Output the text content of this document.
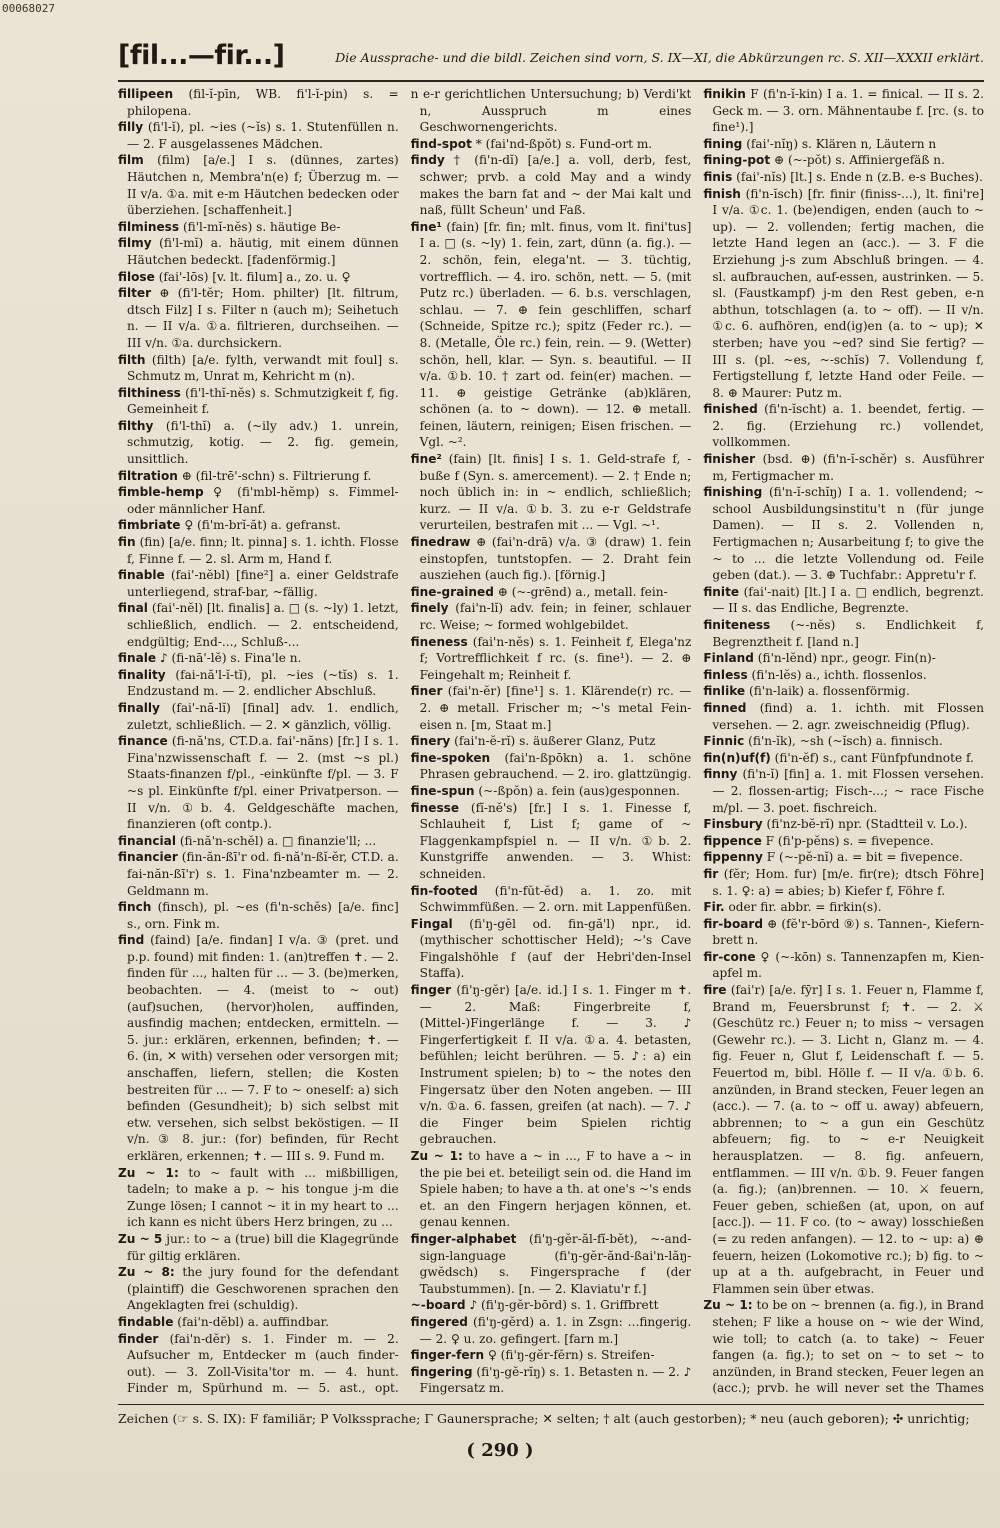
00068027
[fil...—fir...]	Die Aussprache- und die bildl. Zeichen sind vorn, S. IX—XI, die Abkürzungen rc. S. XII—XXXII erklärt.

fillipeen (fil-ĭ-pīn, WB. fi'l-ĭ-pin) s. = philopena.

filly (fi'l-ĭ), pl. ~ies (~ĭs) s. 1. Stutenfüllen n. — 2. F ausgelassenes Mädchen.

film (film) [a/e.] I s. (dünnes, zartes) Häutchen n, Membra'n(e) f; Überzug m. — II v/a. ①a. mit e-m Häutchen bedecken oder überziehen. [schaffenheit.]

filminess (fi'l-mĭ-nĕs) s. häutige Be-

filmy (fi'l-mĭ) a. häutig, mit einem dünnen Häutchen bedeckt. [fadenförmig.]

filose (fai'-lōs) [v. lt. filum] a., zo. u. ♀

filter ⊕ (fi'l-tĕr; Hom. philter) [lt. filtrum, dtsch Filz] I s. Filter n (auch m); Seihetuch n. — II v/a. ①a. filtrieren, durchseihen. — III v/n. ①a. durchsickern.

filth (filth) [a/e. fylth, verwandt mit foul] s. Schmutz m, Unrat m, Kehricht m (n).

filthiness (fi'l-thĭ-nĕs) s. Schmutzigkeit f, fig. Gemeinheit f.

filthy (fi'l-thĭ) a. (~ily adv.) 1. unrein, schmutzig, kotig. — 2. fig. gemein, unsittlich.

filtration ⊕ (fil-trē'-schn) s. Filtrierung f.

fimble-hemp ♀ (fi'mbl-hĕmp) s. Fimmel- oder männlicher Hanf.

fimbriate ♀ (fi'm-brĭ-ăt) a. gefranst.

fin (fin) [a/e. finn; lt. pinna] s. 1. ichth. Flosse f, Finne f. — 2. sl. Arm m, Hand f.

finable (fai'-nĕbl) [fine²] a. einer Geldstrafe unterliegend, straf-bar, ~fällig.

final (fai'-nĕl) [lt. finalis] a. □ (s. ~ly) 1. letzt, schließlich, endlich. — 2. entscheidend, endgültig; End-..., Schluß-...

finale ♪ (fi-nā'-lĕ) s. Fina'le n.

finality (fai-nă'l-ĭ-tĭ), pl. ~ies (~tĭs) s. 1. Endzustand m. — 2. endlicher Abschluß.

finally (fai'-nă-lĭ) [final] adv. 1. endlich, zuletzt, schließlich. — 2. ✕ gänzlich, völlig.

finance (fi-nă'ns, CT.D.a. fai'-năns) [fr.] I s. 1. Fina'nzwissenschaft f. — 2. (mst ~s pl.) Staats-finanzen f/pl., -einkünfte f/pl. — 3. F ~s pl. Einkünfte f/pl. einer Privatperson. — II v/n. ①b. 4. Geldgeschäfte machen, finanzieren (oft contp.).

financial (fi-nă'n-schĕl) a. □ finanzie'll; ...

financier (fin-ăn-ßī'r od. fi-nă'n-ßĭ-ĕr, CT.D. a. fai-năn-ßī'r) s. 1. Fina'nzbeamter m. — 2. Geldmann m.

finch (finsch), pl. ~es (fi'n-schĕs) [a/e. finc] s., orn. Fink m.

find (faind) [a/e. findan] I v/a. ③ (pret. und p.p. found) mit finden: 1. (an)treffen ✝. — 2. finden für ..., halten für ... — 3. (be)merken, beobachten. — 4. (meist to ~ out) (auf)suchen, (hervor)holen, auffinden, ausfindig machen; entdecken, ermitteln. — 5. jur.: erklären, erkennen, befinden; ✝. — 6. (in, ✕ with) versehen oder versorgen mit; anschaffen, liefern, stellen; die Kosten bestreiten für ... — 7. F to ~ oneself: a) sich befinden (Gesundheit); b) sich selbst mit etw. versehen, sich selbst beköstigen. — II v/n. ③ 8. jur.: (for) befinden, für Recht erklären, erkennen; ✝. — III s. 9. Fund m.

Zu ~ 1: to ~ fault with ... mißbilligen, tadeln; to make a p. ~ his tongue j-m die Zunge lösen; I cannot ~ it in my heart to ... ich kann es nicht übers Herz bringen, zu ...

Zu ~ 5 jur.: to ~ a (true) bill die Klagegründe für giltig erklären.

Zu ~ 8: the jury found for the defendant (plaintiff) die Geschworenen sprachen den Angeklagten frei (schuldig).

findable (fai'n-dĕbl) a. auffindbar.

finder (fai'n-dĕr) s. 1. Finder m. — 2. Aufsucher m, Entdecker m (auch finder-out). — 3. Zoll-Visita'tor m. — 4. hunt. Finder m, Spürhund m. — 5. ast., opt.

n e-r gerichtlichen Untersuchung; b) Verdi'kt n, Ausspruch m eines Geschwornengerichts.

find-spot * (fai'nd-ßpŏt) s. Fund-ort m.

findy † (fi'n-dĭ) [a/e.] a. voll, derb, fest, schwer; prvb. a cold May and a windy makes the barn fat and ~ der Mai kalt und naß, füllt Scheun' und Faß.

fine¹ (fain) [fr. fin; mlt. finus, vom lt. fini'tus] I a. □ (s. ~ly) 1. fein, zart, dünn (a. fig.). — 2. schön, fein, elega'nt. — 3. tüchtig, vortrefflich. — 4. iro. schön, nett. — 5. (mit Putz rc.) überladen. — 6. b.s. verschlagen, schlau. — 7. ⊕ fein geschliffen, scharf (Schneide, Spitze rc.); spitz (Feder rc.). — 8. (Metalle, Öle rc.) fein, rein. — 9. (Wetter) schön, hell, klar. — Syn. s. beautiful. — II v/a. ①b. 10. † zart od. fein(er) machen. — 11. ⊕ geistige Getränke (ab)klären, schönen (a. to ~ down). — 12. ⊕ metall. feinen, läutern, reinigen; Eisen frischen. — Vgl. ~².

fine² (fain) [lt. finis] I s. 1. Geld-strafe f, -buße f (Syn. s. amercement). — 2. † Ende n; noch üblich in: in ~ endlich, schließlich; kurz. — II v/a. ①b. 3. zu e-r Geldstrafe verurteilen, bestrafen mit ... — Vgl. ~¹.

finedraw ⊕ (fai'n-drā) v/a. ③ (draw) 1. fein einstopfen, tuntstopfen. — 2. Draht fein ausziehen (auch fig.). [förnig.]

fine-grained ⊕ (~-grēnd) a., metall. fein-

finely (fai'n-lĭ) adv. fein; in feiner, schlauer rc. Weise; ~ formed wohlgebildet.

fineness (fai'n-nĕs) s. 1. Feinheit f, Elega'nz f; Vortrefflichkeit f rc. (s. fine¹). — 2. ⊕ Feingehalt m; Reinheit f.

finer (fai'n-ĕr) [fine¹] s. 1. Klärende(r) rc. — 2. ⊕ metall. Frischer m; ~'s metal Fein-eisen n. [m, Staat m.]

finery (fai'n-ĕ-rĭ) s. äußerer Glanz, Putz

fine-spoken (fai'n-ßpōkn) a. 1. schöne Phrasen gebrauchend. — 2. iro. glattzüngig.

fine-spun (~-ßpŏn) a. fein (aus)gesponnen.

finesse (fĭ-nĕ's) [fr.] I s. 1. Finesse f, Schlauheit f, List f; game of ~ Flaggenkampfspiel n. — II v/n. ①b. 2. Kunstgriffe anwenden. — 3. Whist: schneiden.

fin-footed (fi'n-fŭt-ĕd) a. 1. zo. mit Schwimmfüßen. — 2. orn. mit Lappenfüßen.

Fingal (fi'ŋ-gĕl od. fin-gă'l) npr., id. (mythischer schottischer Held); ~'s Cave Fingalshöhle f (auf der Hebri'den-Insel Staffa).

finger (fi'ŋ-gĕr) [a/e. id.] I s. 1. Finger m ✝. — 2. Maß: Fingerbreite f, (Mittel-)Fingerlänge f. — 3. ♪ Fingerfertigkeit f. II v/a. ①a. 4. betasten, befühlen; leicht berühren. — 5. ♪: a) ein Instrument spielen; b) to ~ the notes den Fingersatz über den Noten angeben. — III v/n. ①a. 6. fassen, greifen (at nach). — 7. ♪ die Finger beim Spielen richtig gebrauchen.

Zu ~ 1: to have a ~ in ..., F to have a ~ in the pie bei et. beteiligt sein od. die Hand im Spiele haben; to have a th. at one's ~'s ends et. an den Fingern herjagen können, et. genau kennen.

finger-alphabet (fi'ŋ-gĕr-ăl-fĭ-bĕt), ~-and-sign-language (fi'ŋ-gĕr-ănd-ßai'n-lăŋ-gwĕdsch) s. Fingersprache f (der Taubstummen). [n. — 2. Klaviatu'r f.]

~-board ♪ (fi'ŋ-gĕr-bōrd) s. 1. Griffbrett

fingered (fi'ŋ-gĕrd) a. 1. in Zsgn: ...fingerig. — 2. ♀ u. zo. gefingert. [farn m.]

finger-fern ♀ (fi'ŋ-gĕr-fĕrn) s. Streifen-

fingering (fi'ŋ-gĕ-rĭŋ) s. 1. Betasten n. — 2. ♪ Fingersatz m.

finikin F (fi'n-ĭ-kin) I a. 1. = finical. — II s. 2. Geck m. — 3. orn. Mähnentaube f. [rc. (s. to fine¹).]

fining (fai'-nĭŋ) s. Klären n, Läutern n

fining-pot ⊕ (~-pŏt) s. Affiniergefäß n.

finis (fai'-nĭs) [lt.] s. Ende n (z.B. e-s Buches).

finish (fi'n-ĭsch) [fr. finir (finiss-...), lt. fini're] I v/a. ①c. 1. (be)endigen, enden (auch to ~ up). — 2. vollenden; fertig machen, die letzte Hand legen an (acc.). — 3. F die Erziehung j-s zum Abschluß bringen. — 4. sl. aufbrauchen, auf-essen, austrinken. — 5. sl. (Faustkampf) j-m den Rest geben, e-n abthun, totschlagen (a. to ~ off). — II v/n. ①c. 6. aufhören, end(ig)en (a. to ~ up); ✕ sterben; have you ~ed? sind Sie fertig? — III s. (pl. ~es, ~-schĭs) 7. Vollendung f, Fertigstellung f, letzte Hand oder Feile. — 8. ⊕ Maurer: Putz m.

finished (fi'n-ĭscht) a. 1. beendet, fertig. — 2. fig. (Erziehung rc.) vollendet, vollkommen.

finisher (bsd. ⊕) (fi'n-ĭ-schĕr) s. Ausführer m, Fertigmacher m.

finishing (fi'n-ĭ-schĭŋ) I a. 1. vollendend; ~ school Ausbildungsinstitu't n (für junge Damen). — II s. 2. Vollenden n, Fertigmachen n; Ausarbeitung f; to give the ~ to ... die letzte Vollendung od. Feile geben (dat.). — 3. ⊕ Tuchfabr.: Appretu'r f.

finite (fai'-nait) [lt.] I a. □ endlich, begrenzt. — II s. das Endliche, Begrenzte.

finiteness (~-nĕs) s. Endlichkeit f, Begrenztheit f. [land n.]

Finland (fi'n-lĕnd) npr., geogr. Fin(n)-

finless (fi'n-lĕs) a., ichth. flossenlos.

finlike (fi'n-laik) a. flossenförmig.

finned (find) a. 1. ichth. mit Flossen versehen. — 2. agr. zweischneidig (Pflug).

Finnic (fi'n-ĭk), ~sh (~ĭsch) a. finnisch.

fin(n)uf(f) (fi'n-ĕf) s., cant Fünfpfundnote f.

finny (fi'n-ĭ) [fin] a. 1. mit Flossen versehen. — 2. flossen-artig; Fisch-...; ~ race Fische m/pl. — 3. poet. fischreich.

Finsbury (fi'nz-bĕ-rĭ) npr. (Stadtteil v. Lo.).

fippence F (fi'p-pĕns) s. = fivepence.

fippenny F (~-pĕ-nĭ) a. = bit = fivepence.

fir (fĕr; Hom. fur) [m/e. fir(re); dtsch Föhre] s. 1. ♀: a) = abies; b) Kiefer f, Föhre f.

Fir. oder fir. abbr. = firkin(s).

fir-board ⊕ (fĕ'r-bōrd ⑨) s. Tannen-, Kiefern-brett n.

fir-cone ♀ (~-kōn) s. Tannenzapfen m, Kien-apfel m.

fire (fai'r) [a/e. fȳr] I s. 1. Feuer n, Flamme f, Brand m, Feuersbrunst f; ✝. — 2. ⚔ (Geschütz rc.) Feuer n; to miss ~ versagen (Gewehr rc.). — 3. Licht n, Glanz m. — 4. fig. Feuer n, Glut f, Leidenschaft f. — 5. Feuertod m, bibl. Hölle f. — II v/a. ①b. 6. anzünden, in Brand stecken, Feuer legen an (acc.). — 7. (a. to ~ off u. away) abfeuern, abbrennen; to ~ a gun ein Geschütz abfeuern; fig. to ~ e-r Neuigkeit herausplatzen. — 8. fig. anfeuern, entflammen. — III v/n. ①b. 9. Feuer fangen (a. fig.); (an)brennen. — 10. ⚔ feuern, Feuer geben, schießen (at, upon, on auf [acc.]). — 11. F co. (to ~ away) losschießen (= zu reden anfangen). — 12. to ~ up: a) ⊕ feuern, heizen (Lokomotive rc.); b) fig. to ~ up at a th. aufgebracht, in Feuer und Flammen sein über etwas.

Zu ~ 1: to be on ~ brennen (a. fig.), in Brand stehen; F like a house on ~ wie der Wind, wie toll; to catch (a. to take) ~ Feuer fangen (a. fig.); to set on ~ to set ~ to anzünden, in Brand stecken, Feuer legen an (acc.); prvb. he will never set the Thames

Zeichen (☞ s. S. IX): F familiär; P Volkssprache; Γ Gaunersprache; ✕ selten; † alt (auch gestorben); * neu (auch geboren); ✣ unrichtig;
( 290 )
